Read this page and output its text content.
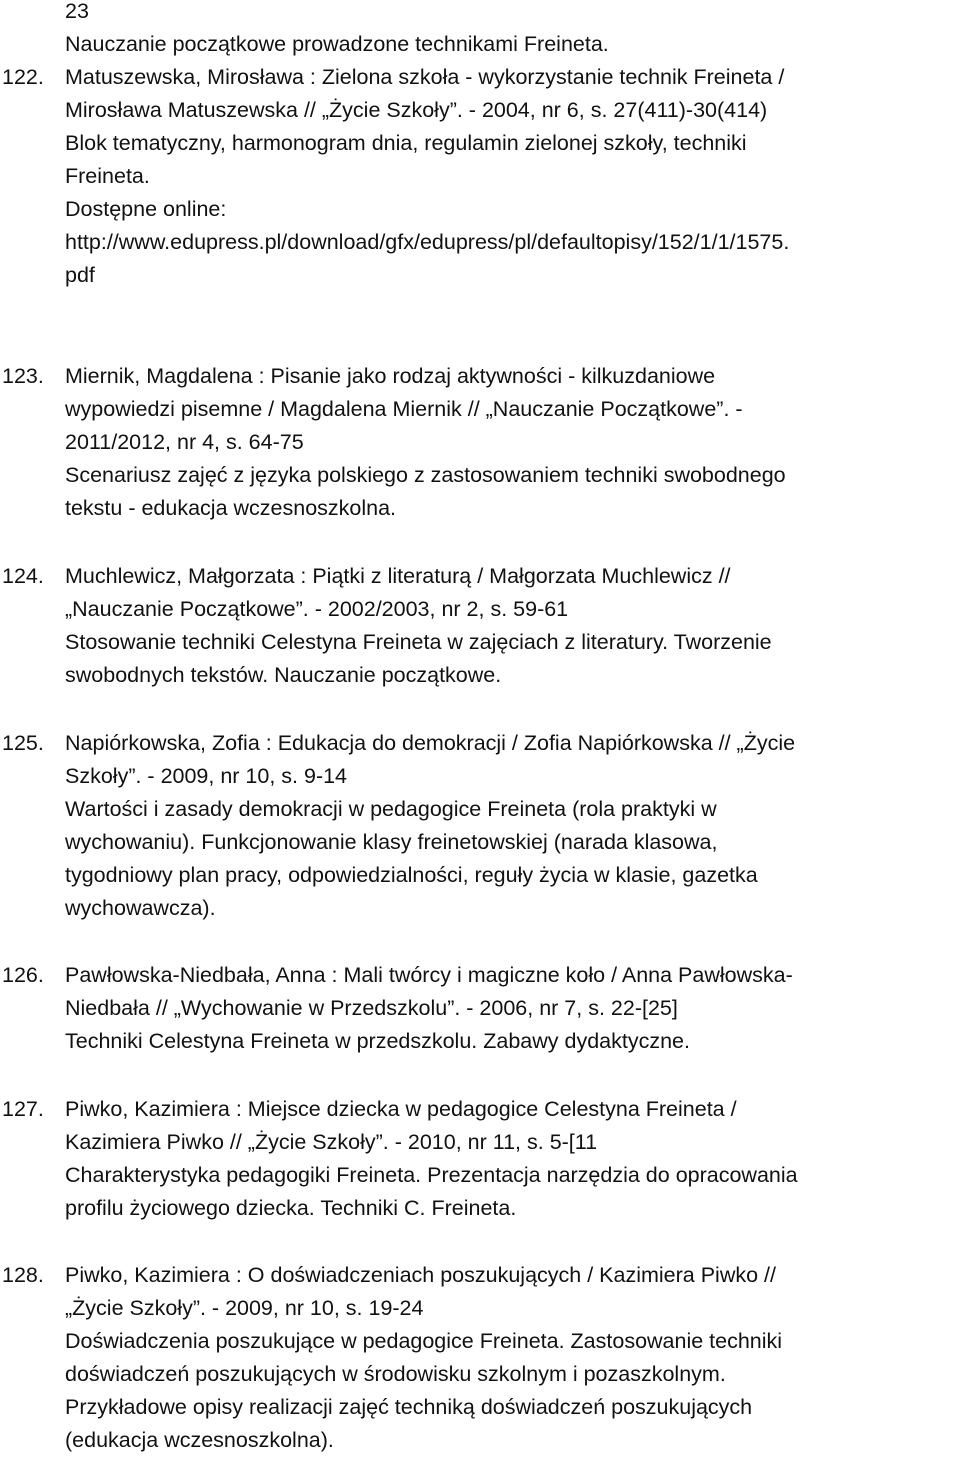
23

Nauczanie początkowe prowadzone technikami Freineta.

122. Matuszewska, Mirosława : Zielona szkoła - wykorzystanie technik Freineta /
Mirosława Matuszewska // „Życie Szkoły”. - 2004, nr 6, s. 27(411)-30(414)
Blok tematyczny, harmonogram dnia, regulamin zielonej szkoły, techniki
Freineta.
Dostępne online:
http://www.edupress.pl/download/gfx/edupress/pl/defaultopisy/152/1/1/1575.
pdf
123. Miernik, Magdalena : Pisanie jako rodzaj aktywności - kilkuzdaniowe
wypowiedzi pisemne / Magdalena Miernik // „Nauczanie Początkowe”. -
2011/2012, nr 4, s. 64-75
Scenariusz zajęć z języka polskiego z zastosowaniem techniki swobodnego
tekstu - edukacja wczesnoszkolna.
124. Muchlewicz, Małgorzata : Piątki z literaturą / Małgorzata Muchlewicz //
„Nauczanie Początkowe”. - 2002/2003, nr 2, s. 59-61
Stosowanie techniki Celestyna Freineta w zajęciach z literatury. Tworzenie
swobodnych tekstów. Nauczanie początkowe.
125. Napiórkowska, Zofia : Edukacja do demokracji / Zofia Napiórkowska // „Życie
Szkoły”. - 2009, nr 10, s. 9-14
Wartości i zasady demokracji w pedagogice Freineta (rola praktyki w
wychowaniu). Funkcjonowanie klasy freinetowskiej (narada klasowa,
tygodniowy plan pracy, odpowiedzialności, reguły życia w klasie, gazetka
wychowawcza).
126. Pawłowska-Niedbała, Anna : Mali twórcy i magiczne koło / Anna Pawłowska-
Niedbała // „Wychowanie w Przedszkolu”. - 2006, nr 7, s. 22-[25]
Techniki Celestyna Freineta w przedszkolu. Zabawy dydaktyczne.
127. Piwko, Kazimiera : Miejsce dziecka w pedagogice Celestyna Freineta /
Kazimiera Piwko // „Życie Szkoły”. - 2010, nr 11, s. 5-[11
Charakterystyka pedagogiki Freineta. Prezentacja narzędzia do opracowania
profilu życiowego dziecka. Techniki C. Freineta.
128. Piwko, Kazimiera : O doświadczeniach poszukujących / Kazimiera Piwko //
„Życie Szkoły”. - 2009, nr 10, s. 19-24
Doświadczenia poszukujące w pedagogice Freineta. Zastosowanie techniki
doświadczeń poszukujących w środowisku szkolnym i pozaszkolnym.
Przykładowe opisy realizacji zajęć techniką doświadczeń poszukujących
(edukacja wczesnoszkolna).
